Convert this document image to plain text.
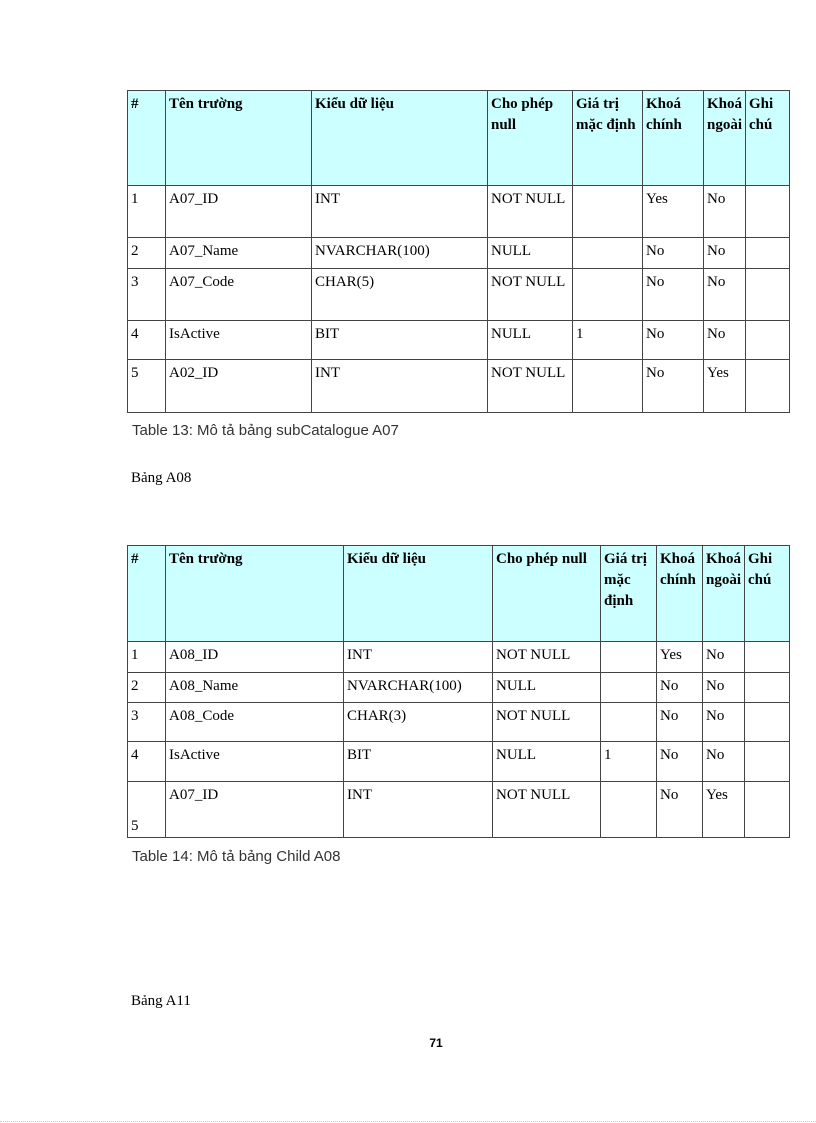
#	Tên trường	Kiểu dữ liệu	Cho phép null	Giá trị mặc định	Khoá chính	Khoá ngoài	Ghi chú

1	A07_ID	INT	NOT NULL		Yes	No	
2	A07_Name	NVARCHAR(100)	NULL		No	No	
3	A07_Code	CHAR(5)	NOT NULL		No	No	
4	IsActive	BIT	NULL	1	No	No	
5	A02_ID	INT	NOT NULL		No	Yes	
Table 13: Mô tả bảng subCatalogue A07
Bảng A08
#	Tên trường	Kiểu dữ liệu	Cho phép null	Giá trị mặc định	Khoá chính	Khoá ngoài	Ghi chú

1	A08_ID	INT	NOT NULL		Yes	No	
2	A08_Name	NVARCHAR(100)	NULL		No	No	
3	A08_Code	CHAR(3)	NOT NULL		No	No	
4	IsActive	BIT	NULL	1	No	No	
5	A07_ID	INT	NOT NULL		No	Yes	
Table 14: Mô tả bảng Child A08
Bảng A11
71
